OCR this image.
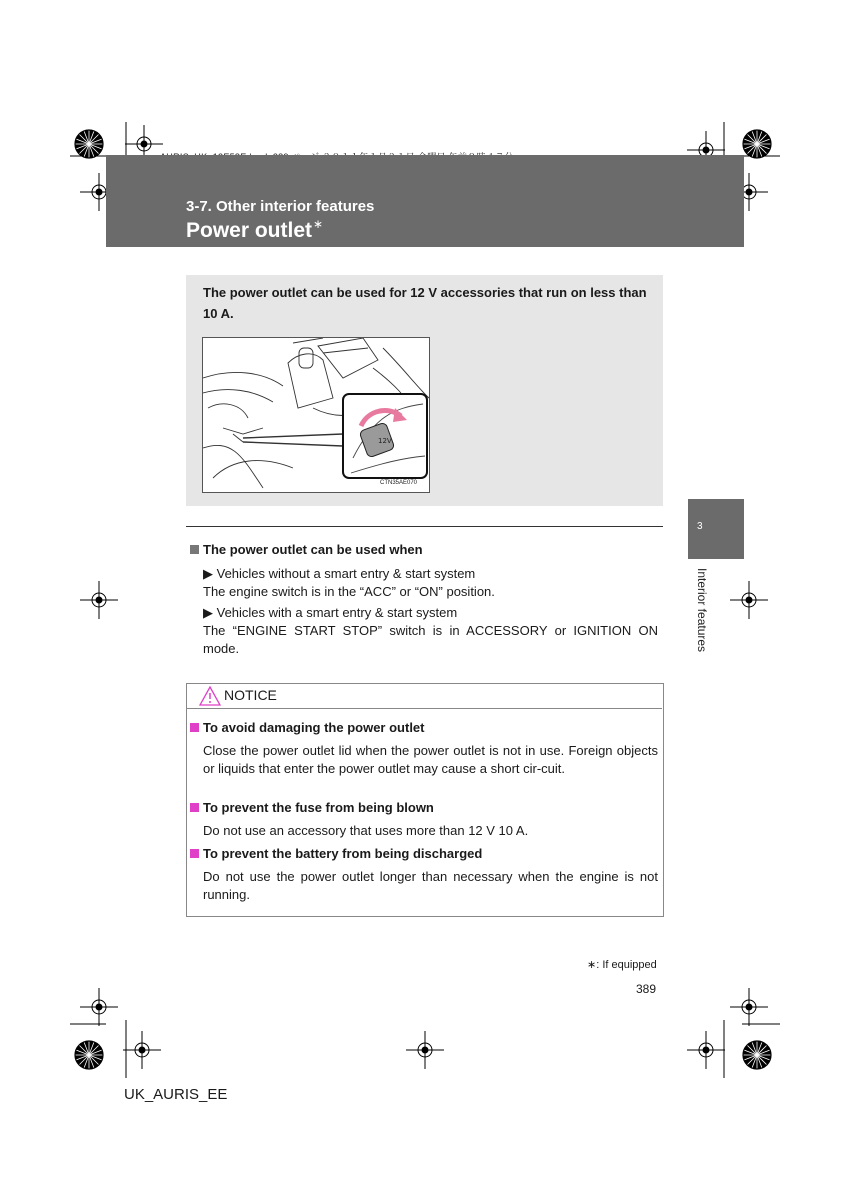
3-7. Other interior features
Power outlet∗
The power outlet can be used for 12 V accessories that run on less than 10 A.
12V
CTN35AE070
The power outlet can be used when
▶ Vehicles without a smart entry & start system
The engine switch is in the “ACC” or “ON” position.
▶ Vehicles with a smart entry & start system
The “ENGINE START STOP” switch is in ACCESSORY or IGNITION ON mode.
NOTICE
To avoid damaging the power outlet
Close the power outlet lid when the power outlet is not in use. Foreign objects or liquids that enter the power outlet may cause a short cir-cuit.
To prevent the fuse from being blown
Do not use an accessory that uses more than 12 V 10 A.
To prevent the battery from being discharged
Do not use the power outlet longer than necessary when the engine is not running.
3
Interior features
∗: If equipped
389
UK_AURIS_EE
